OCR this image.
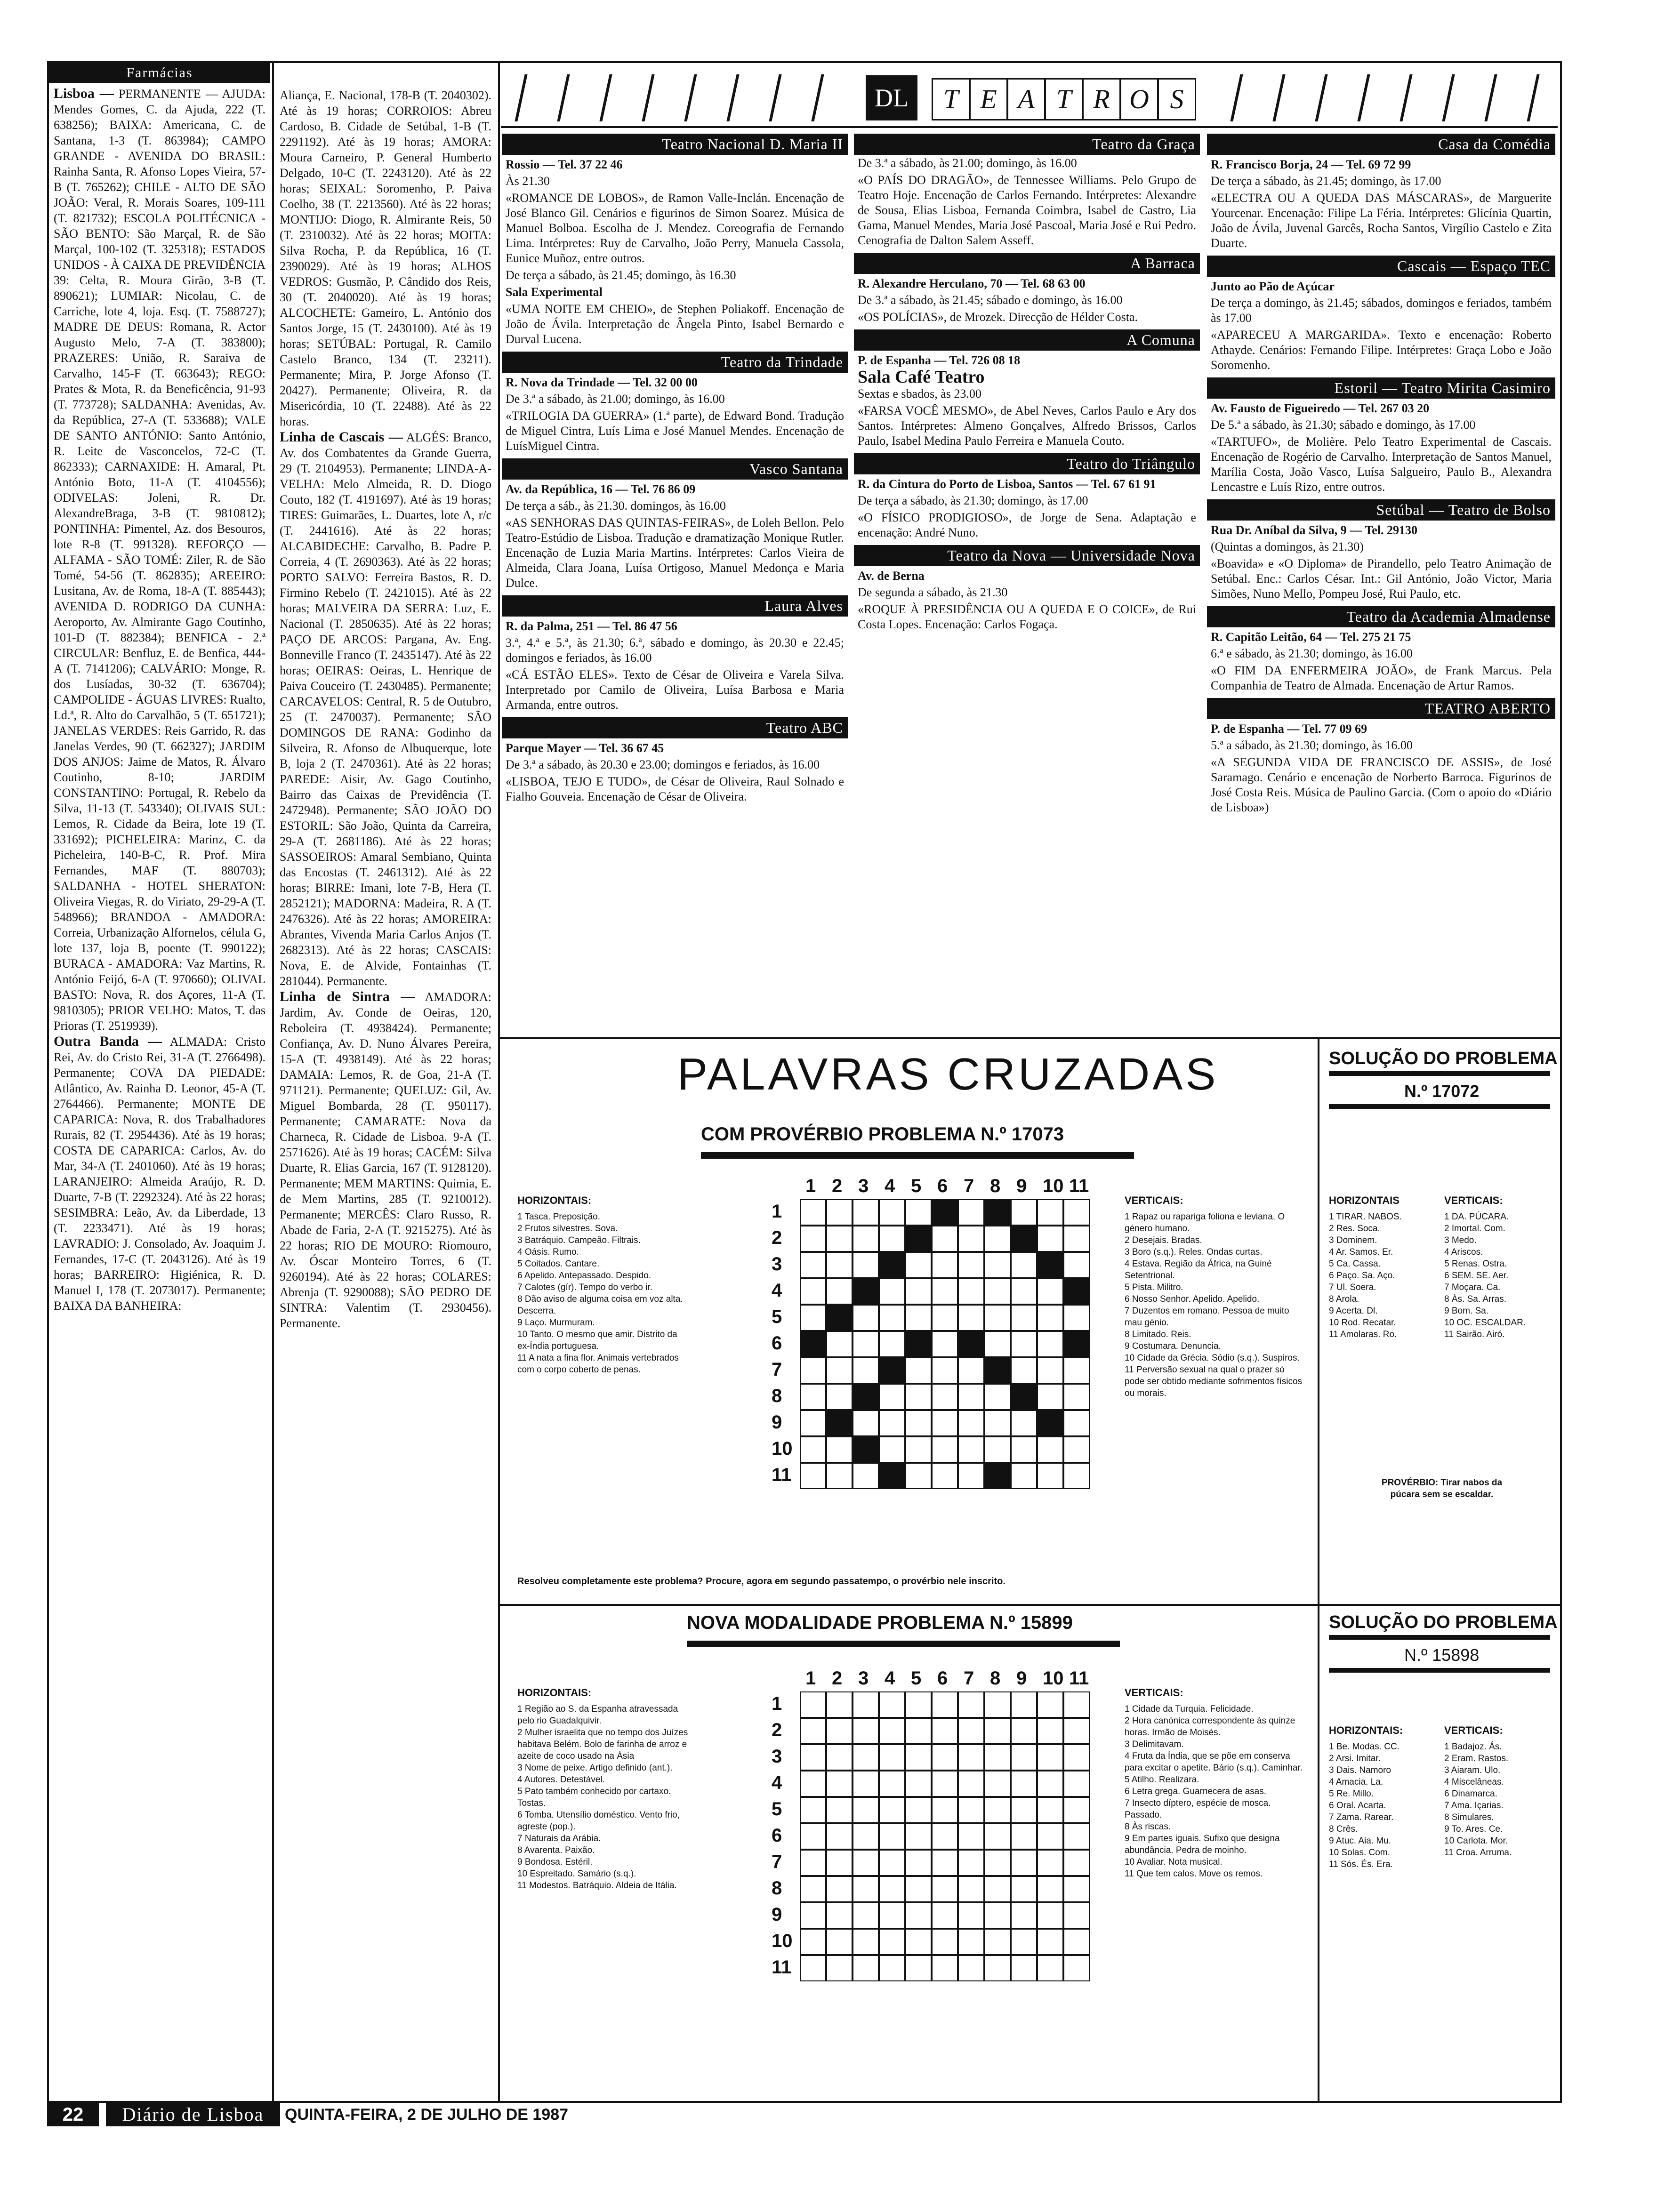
Farmácias
Lisboa — PERMANENTE — AJUDA: Mendes Gomes, C. da Ajuda, 222 (T. 638256); BAIXA: Americana, C. de Santana, 1-3 (T. 863984); CAMPO GRANDE - AVENIDA DO BRASIL: Rainha Santa, R. Afonso Lopes Vieira, 57-B (T. 765262); CHILE - ALTO DE SÃO JOÃO: Veral, R. Morais Soares, 109-111 (T. 821732); ESCOLA POLITÉCNICA - SÃO BENTO: São Marçal, R. de São Marçal, 100-102 (T. 325318); ESTADOS UNIDOS - À CAIXA DE PREVIDÊNCIA 39: Celta, R. Moura Girão, 3-B (T. 890621); LUMIAR: Nicolau, C. de Carriche, lote 4, loja. Esq. (T. 7588727); MADRE DE DEUS: Romana, R. Actor Augusto Melo, 7-A (T. 383800); PRAZERES: União, R. Saraiva de Carvalho, 145-F (T. 663643); REGO: Prates & Mota, R. da Beneficência, 91-93 (T. 773728); SALDANHA: Avenidas, Av. da República, 27-A (T. 533688); VALE DE SANTO ANTÓNIO: Santo António, R. Leite de Vasconcelos, 72-C (T. 862333); CARNAXIDE: H. Amaral, Pt. António Boto, 11-A (T. 4104556); ODIVELAS: Joleni, R. Dr. AlexandreBraga, 3-B (T. 9810812); PONTINHA: Pimentel, Az. dos Besouros, lote R-8 (T. 991328). REFORÇO — ALFAMA - SÃO TOMÉ: Ziler, R. de São Tomé, 54-56 (T. 862835); AREEIRO: Lusitana, Av. de Roma, 18-A (T. 885443); AVENIDA D. RODRIGO DA CUNHA: Aeroporto, Av. Almirante Gago Coutinho, 101-D (T. 882384); BENFICA - 2.ª CIRCULAR: Benfluz, E. de Benfica, 444-A (T. 7141206); CALVÁRIO: Monge, R. dos Lusíadas, 30-32 (T. 636704); CAMPOLIDE - ÁGUAS LIVRES: Rualto, Ld.ª, R. Alto do Carvalhão, 5 (T. 651721); JANELAS VERDES: Reis Garrido, R. das Janelas Verdes, 90 (T. 662327); JARDIM DOS ANJOS: Jaime de Matos, R. Álvaro Coutinho, 8-10; JARDIM CONSTANTINO: Portugal, R. Rebelo da Silva, 11-13 (T. 543340); OLIVAIS SUL: Lemos, R. Cidade da Beira, lote 19 (T. 331692); PICHELEIRA: Marinz, C. da Picheleira, 140-B-C, R. Prof. Mira Fernandes, MAF (T. 880703); SALDANHA - HOTEL SHERATON: Oliveira Viegas, R. do Viriato, 29-29-A (T. 548966); BRANDOA - AMADORA: Correia, Urbanização Alfornelos, célula G, lote 137, loja B, poente (T. 990122); BURACA - AMADORA: Vaz Martins, R. António Feijó, 6-A (T. 970660); OLIVAL BASTO: Nova, R. dos Açores, 11-A (T. 9810305); PRIOR VELHO: Matos, T. das Prioras (T. 2519939).
Outra Banda — ALMADA: Cristo Rei, Av. do Cristo Rei, 31-A (T. 2766498). Permanente; COVA DA PIEDADE: Atlântico, Av. Rainha D. Leonor, 45-A (T. 2764466). Permanente; MONTE DE CAPARICA: Nova, R. dos Trabalhadores Rurais, 82 (T. 2954436). Até às 19 horas; COSTA DE CAPARICA: Carlos, Av. do Mar, 34-A (T. 2401060). Até às 19 horas; LARANJEIRO: Almeida Araújo, R. D. Duarte, 7-B (T. 2292324). Até às 22 horas; SESIMBRA: Leão, Av. da Liberdade, 13 (T. 2233471). Até às 19 horas; LAVRADIO: J. Consolado, Av. Joaquim J. Fernandes, 17-C (T. 2043126). Até às 19 horas; BARREIRO: Higiénica, R. D. Manuel I, 178 (T. 2073017). Permanente; BAIXA DA BANHEIRA:
Aliança, E. Nacional, 178-B (T. 2040302). Até às 19 horas; CORROIOS: Abreu Cardoso, B. Cidade de Setúbal, 1-B (T. 2291192). Até às 19 horas; AMORA: Moura Carneiro, P. General Humberto Delgado, 10-C (T. 2243120). Até às 22 horas; SEIXAL: Soromenho, P. Paiva Coelho, 38 (T. 2213560). Até às 22 horas; MONTIJO: Diogo, R. Almirante Reis, 50 (T. 2310032). Até às 22 horas; MOITA: Silva Rocha, P. da República, 16 (T. 2390029). Até às 19 horas; ALHOS VEDROS: Gusmão, P. Cândido dos Reis, 30 (T. 2040020). Até às 19 horas; ALCOCHETE: Gameiro, L. António dos Santos Jorge, 15 (T. 2430100). Até às 19 horas; SETÚBAL: Portugal, R. Camilo Castelo Branco, 134 (T. 23211). Permanente; Mira, P. Jorge Afonso (T. 20427). Permanente; Oliveira, R. da Misericórdia, 10 (T. 22488). Até às 22 horas.
Linha de Cascais — ALGÉS: Branco, Av. dos Combatentes da Grande Guerra, 29 (T. 2104953). Permanente; LINDA-A-VELHA: Melo Almeida, R. D. Diogo Couto, 182 (T. 4191697). Até às 19 horas; TIRES: Guimarães, L. Duartes, lote A, r/c (T. 2441616). Até às 22 horas; ALCABIDECHE: Carvalho, B. Padre P. Correia, 4 (T. 2690363). Até às 22 horas; PORTO SALVO: Ferreira Bastos, R. D. Firmino Rebelo (T. 2421015). Até às 22 horas; MALVEIRA DA SERRA: Luz, E. Nacional (T. 2850635). Até às 22 horas; PAÇO DE ARCOS: Pargana, Av. Eng. Bonneville Franco (T. 2435147). Até às 22 horas; OEIRAS: Oeiras, L. Henrique de Paiva Couceiro (T. 2430485). Permanente; CARCAVELOS: Central, R. 5 de Outubro, 25 (T. 2470037). Permanente; SÃO DOMINGOS DE RANA: Godinho da Silveira, R. Afonso de Albuquerque, lote B, loja 2 (T. 2470361). Até às 22 horas; PAREDE: Aisir, Av. Gago Coutinho, Bairro das Caixas de Previdência (T. 2472948). Permanente; SÃO JOÃO DO ESTORIL: São João, Quinta da Carreira, 29-A (T. 2681186). Até às 22 horas; SASSOEIROS: Amaral Sembiano, Quinta das Encostas (T. 2461312). Até às 22 horas; BIRRE: Imani, lote 7-B, Hera (T. 2852121); MADORNA: Madeira, R. A (T. 2476326). Até às 22 horas; AMOREIRA: Abrantes, Vivenda Maria Carlos Anjos (T. 2682313). Até às 22 horas; CASCAIS: Nova, E. de Alvide, Fontainhas (T. 281044). Permanente.
Linha de Sintra — AMADORA: Jardim, Av. Conde de Oeiras, 120, Reboleira (T. 4938424). Permanente; Confiança, Av. D. Nuno Álvares Pereira, 15-A (T. 4938149). Até às 22 horas; DAMAIA: Lemos, R. de Goa, 21-A (T. 971121). Permanente; QUELUZ: Gil, Av. Miguel Bombarda, 28 (T. 950117). Permanente; CAMARATE: Nova da Charneca, R. Cidade de Lisboa. 9-A (T. 2571626). Até às 19 horas; CACÉM: Silva Duarte, R. Elias Garcia, 167 (T. 9128120). Permanente; MEM MARTINS: Quimia, E. de Mem Martins, 285 (T. 9210012). Permanente; MERCÊS: Claro Russo, R. Abade de Faria, 2-A (T. 9215275). Até às 22 horas; RIO DE MOURO: Riomouro, Av. Óscar Monteiro Torres, 6 (T. 9260194). Até às 22 horas; COLARES: Abrenja (T. 9290088); SÃO PEDRO DE SINTRA: Valentim (T. 2930456). Permanente.
DL	T E A T R O S
Teatro Nacional D. Maria II
Rossio — Tel. 37 22 46

Às 21.30

«ROMANCE DE LOBOS», de Ramon Valle-Inclán. Encenação de José Blanco Gil. Cenários e figurinos de Simon Soarez. Música de Manuel Bolboa. Escolha de J. Mendez. Coreografia de Fernando Lima. Intérpretes: Ruy de Carvalho, João Perry, Manuela Cassola, Eunice Muñoz, entre outros.

De terça a sábado, às 21.45; domingo, às 16.30

Sala Experimental

«UMA NOITE EM CHEIO», de Stephen Poliakoff. Encenação de João de Ávila. Interpretação de Ângela Pinto, Isabel Bernardo e Durval Lucena.

Teatro da Trindade
R. Nova da Trindade — Tel. 32 00 00

De 3.ª a sábado, às 21.00; domingo, às 16.00

«TRILOGIA DA GUERRA» (1.ª parte), de Edward Bond. Tradução de Miguel Cintra, Luís Lima e José Manuel Mendes. Encenação de LuísMiguel Cintra.

Vasco Santana
Av. da República, 16 — Tel. 76 86 09

De terça a sáb., às 21.30. domingos, às 16.00

«AS SENHORAS DAS QUINTAS-FEIRAS», de Loleh Bellon. Pelo Teatro-Estúdio de Lisboa. Tradução e dramatização Monique Rutler. Encenação de Luzia Maria Martins. Intérpretes: Carlos Vieira de Almeida, Clara Joana, Luísa Ortigoso, Manuel Medonça e Maria Dulce.

Laura Alves
R. da Palma, 251 — Tel. 86 47 56

3.ª, 4.ª e 5.ª, às 21.30; 6.ª, sábado e domingo, às 20.30 e 22.45; domingos e feriados, às 16.00

«CÁ ESTÃO ELES». Texto de César de Oliveira e Varela Silva. Interpretado por Camilo de Oliveira, Luísa Barbosa e Maria Armanda, entre outros.

Teatro ABC
Parque Mayer — Tel. 36 67 45

De 3.ª a sábado, às 20.30 e 23.00; domingos e feriados, às 16.00

«LISBOA, TEJO E TUDO», de César de Oliveira, Raul Solnado e Fialho Gouveia. Encenação de César de Oliveira.

Teatro da Graça

De 3.ª a sábado, às 21.00; domingo, às 16.00

«O PAÍS DO DRAGÃO», de Tennessee Williams. Pelo Grupo de Teatro Hoje. Encenação de Carlos Fernando. Intérpretes: Alexandre de Sousa, Elias Lisboa, Fernanda Coimbra, Isabel de Castro, Lia Gama, Manuel Mendes, Maria José Pascoal, Maria José e Rui Pedro. Cenografia de Dalton Salem Asseff.

A Barraca
R. Alexandre Herculano, 70 — Tel. 68 63 00

De 3.ª a sábado, às 21.45; sábado e domingo, às 16.00

«OS POLÍCIAS», de Mrozek. Direcção de Hélder Costa.

A Comuna
P. de Espanha — Tel. 726 08 18

Sala Café Teatro

Sextas e sbados, às 23.00

«FARSA VOCÊ MESMO», de Abel Neves, Carlos Paulo e Ary dos Santos. Intérpretes: Almeno Gonçalves, Alfredo Brissos, Carlos Paulo, Isabel Medina Paulo Ferreira e Manuela Couto.

Teatro do Triângulo
R. da Cintura do Porto de Lisboa, Santos — Tel. 67 61 91

De terça a sábado, às 21.30; domingo, às 17.00

«O FÍSICO PRODIGIOSO», de Jorge de Sena. Adaptação e encenação: André Nuno.

Teatro da Nova — Universidade Nova
Av. de Berna

De segunda a sábado, às 21.30

«ROQUE À PRESIDÊNCIA OU A QUEDA E O COICE», de Rui Costa Lopes. Encenação: Carlos Fogaça.

Casa da Comédia
R. Francisco Borja, 24 — Tel. 69 72 99

De terça a sábado, às 21.45; domingo, às 17.00

«ELECTRA OU A QUEDA DAS MÁSCARAS», de Marguerite Yourcenar. Encenação: Filipe La Féria. Intérpretes: Glicínia Quartin, João de Ávila, Juvenal Garcês, Rocha Santos, Virgílio Castelo e Zita Duarte.

Cascais — Espaço TEC
Junto ao Pão de Açúcar

De terça a domingo, às 21.45; sábados, domingos e feriados, também às 17.00

«APARECEU A MARGARIDA». Texto e encenação: Roberto Athayde. Cenários: Fernando Filipe. Intérpretes: Graça Lobo e João Soromenho.

Estoril — Teatro Mirita Casimiro
Av. Fausto de Figueiredo — Tel. 267 03 20

De 5.ª a sábado, às 21.30; sábado e domingo, às 17.00

«TARTUFO», de Molière. Pelo Teatro Experimental de Cascais. Encenação de Rogério de Carvalho. Interpretação de Santos Manuel, Marília Costa, João Vasco, Luísa Salgueiro, Paulo B., Alexandra Lencastre e Luís Rizo, entre outros.

Setúbal — Teatro de Bolso
Rua Dr. Aníbal da Silva, 9 — Tel. 29130

(Quintas a domingos, às 21.30)

«Boavida» e «O Diploma» de Pirandello, pelo Teatro Animação de Setúbal. Enc.: Carlos César. Int.: Gil António, João Victor, Maria Simões, Nuno Mello, Pompeu José, Rui Paulo, etc.

Teatro da Academia Almadense
R. Capitão Leitão, 64 — Tel. 275 21 75

6.ª e sábado, às 21.30; domingo, às 16.00

«O FIM DA ENFERMEIRA JOÃO», de Frank Marcus. Pela Companhia de Teatro de Almada. Encenação de Artur Ramos.

TEATRO ABERTO
P. de Espanha — Tel. 77 09 69

5.ª a sábado, às 21.30; domingo, às 16.00

«A SEGUNDA VIDA DE FRANCISCO DE ASSIS», de José Saramago. Cenário e encenação de Norberto Barroca. Figurinos de José Costa Reis. Música de Paulino Garcia. (Com o apoio do «Diário de Lisboa»)

PALAVRAS CRUZADAS
COM PROVÉRBIO PROBLEMA N.º 17073
HORIZONTAIS:
1 Tasca. Preposição.
2 Frutos silvestres. Sova.
3 Batráquio. Campeão. Filtrais.
4 Oásis. Rumo.
5 Coitados. Cantare.
6 Apelido. Antepassado. Despido.
7 Calotes (gír). Tempo do verbo ir.
8 Dão aviso de alguma coisa em voz alta. Descerra.
9 Laço. Murmuram.
10 Tanto. O mesmo que amir. Distrito da ex-Índia portuguesa.
11 A nata a fina flor. Animais vertebrados com o corpo coberto de penas.
1 2 3 4 5 6 7 8 9 10 11
1
2
3
4
5
6
7
8
9
10
11
VERTICAIS:
1 Rapaz ou rapariga foliona e leviana. O género humano.
2 Desejais. Bradas.
3 Boro (s.q.). Reles. Ondas curtas.
4 Estava. Região da África, na Guiné Setentrional.
5 Pista. Militro.
6 Nosso Senhor. Apelido. Apelido.
7 Duzentos em romano. Pessoa de muito mau génio.
8 Limitado. Reis.
9 Costumara. Denuncia.
10 Cidade da Grécia. Sódio (s.q.). Suspiros.
11 Perversão sexual na qual o prazer só pode ser obtido mediante sofrimentos físicos ou morais.
Resolveu completamente este problema? Procure, agora em segundo passatempo, o provérbio nele inscrito.
SOLUÇÃO DO PROBLEMA
N.º 17072
HORIZONTAIS
1 TIRAR. NABOS.
2 Res. Soca.
3 Dominem.
4 Ar. Samos. Er.
5 Ca. Cassa.
6 Paço. Sa. Aço.
7 Ul. Soera.
8 Arola.
9 Acerta. Dl.
10 Rod. Recatar.
11 Amolaras. Ro.
VERTICAIS:
1 DA. PÚCARA.
2 Imortal. Com.
3 Medo.
4 Ariscos.
5 Renas. Ostra.
6 SEM. SE. Aer.
7 Moçara. Ca.
8 Ás. Sa. Arras.
9 Bom. Sa.
10 OC. ESCALDAR.
11 Sairão. Airó.
PROVÉRBIO: Tirar nabos da púcara sem se escaldar.
NOVA MODALIDADE PROBLEMA N.º 15899
HORIZONTAIS:
1 Região ao S. da Espanha atravessada pelo rio Guadalquivir.
2 Mulher israelita que no tempo dos Juízes habitava Belém. Bolo de farinha de arroz e azeite de coco usado na Ásia
3 Nome de peixe. Artigo definido (ant.).
4 Autores. Detestável.
5 Pato também conhecido por cartaxo. Tostas.
6 Tomba. Utensílio doméstico. Vento frio, agreste (pop.).
7 Naturais da Arábia.
8 Avarenta. Paixão.
9 Bondosa. Estéril.
10 Espreitado. Samário (s.q.).
11 Modestos. Batráquio. Aldeia de Itália.
1 2 3 4 5 6 7 8 9 10 11
1
2
3
4
5
6
7
8
9
10
11
VERTICAIS:
1 Cidade da Turquia. Felicidade.
2 Hora canónica correspondente às quinze horas. Irmão de Moisés.
3 Delimitavam.
4 Fruta da Índia, que se põe em conserva para excitar o apetite. Bário (s.q.). Caminhar.
5 Atilho. Realizara.
6 Letra grega. Guarnecera de asas.
7 Insecto díptero, espécie de mosca. Passado.
8 Às riscas.
9 Em partes iguais. Sufixo que designa abundância. Pedra de moinho.
10 Avaliar. Nota musical.
11 Que tem calos. Move os remos.
SOLUÇÃO DO PROBLEMA
N.º 15898
HORIZONTAIS:
1 Be. Modas. CC.
2 Arsi. Imitar.
3 Dais. Namoro
4 Amacia. La.
5 Re. Millo.
6 Oral. Acarta.
7 Zama. Rarear.
8 Crês.
9 Atuc. Aia. Mu.
10 Solas. Com.
11 Sós. És. Era.
VERTICAIS:
1 Badajoz. Ás.
2 Eram. Rastos.
3 Aiaram. Ulo.
4 Miscelâneas.
6 Dinamarca.
7 Ama. Içarias.
8 Simulares.
9 To. Ares. Ce.
10 Carlota. Mor.
11 Croa. Arruma.
22	Diário de Lisboa	QUINTA-FEIRA, 2 DE JULHO DE 1987
